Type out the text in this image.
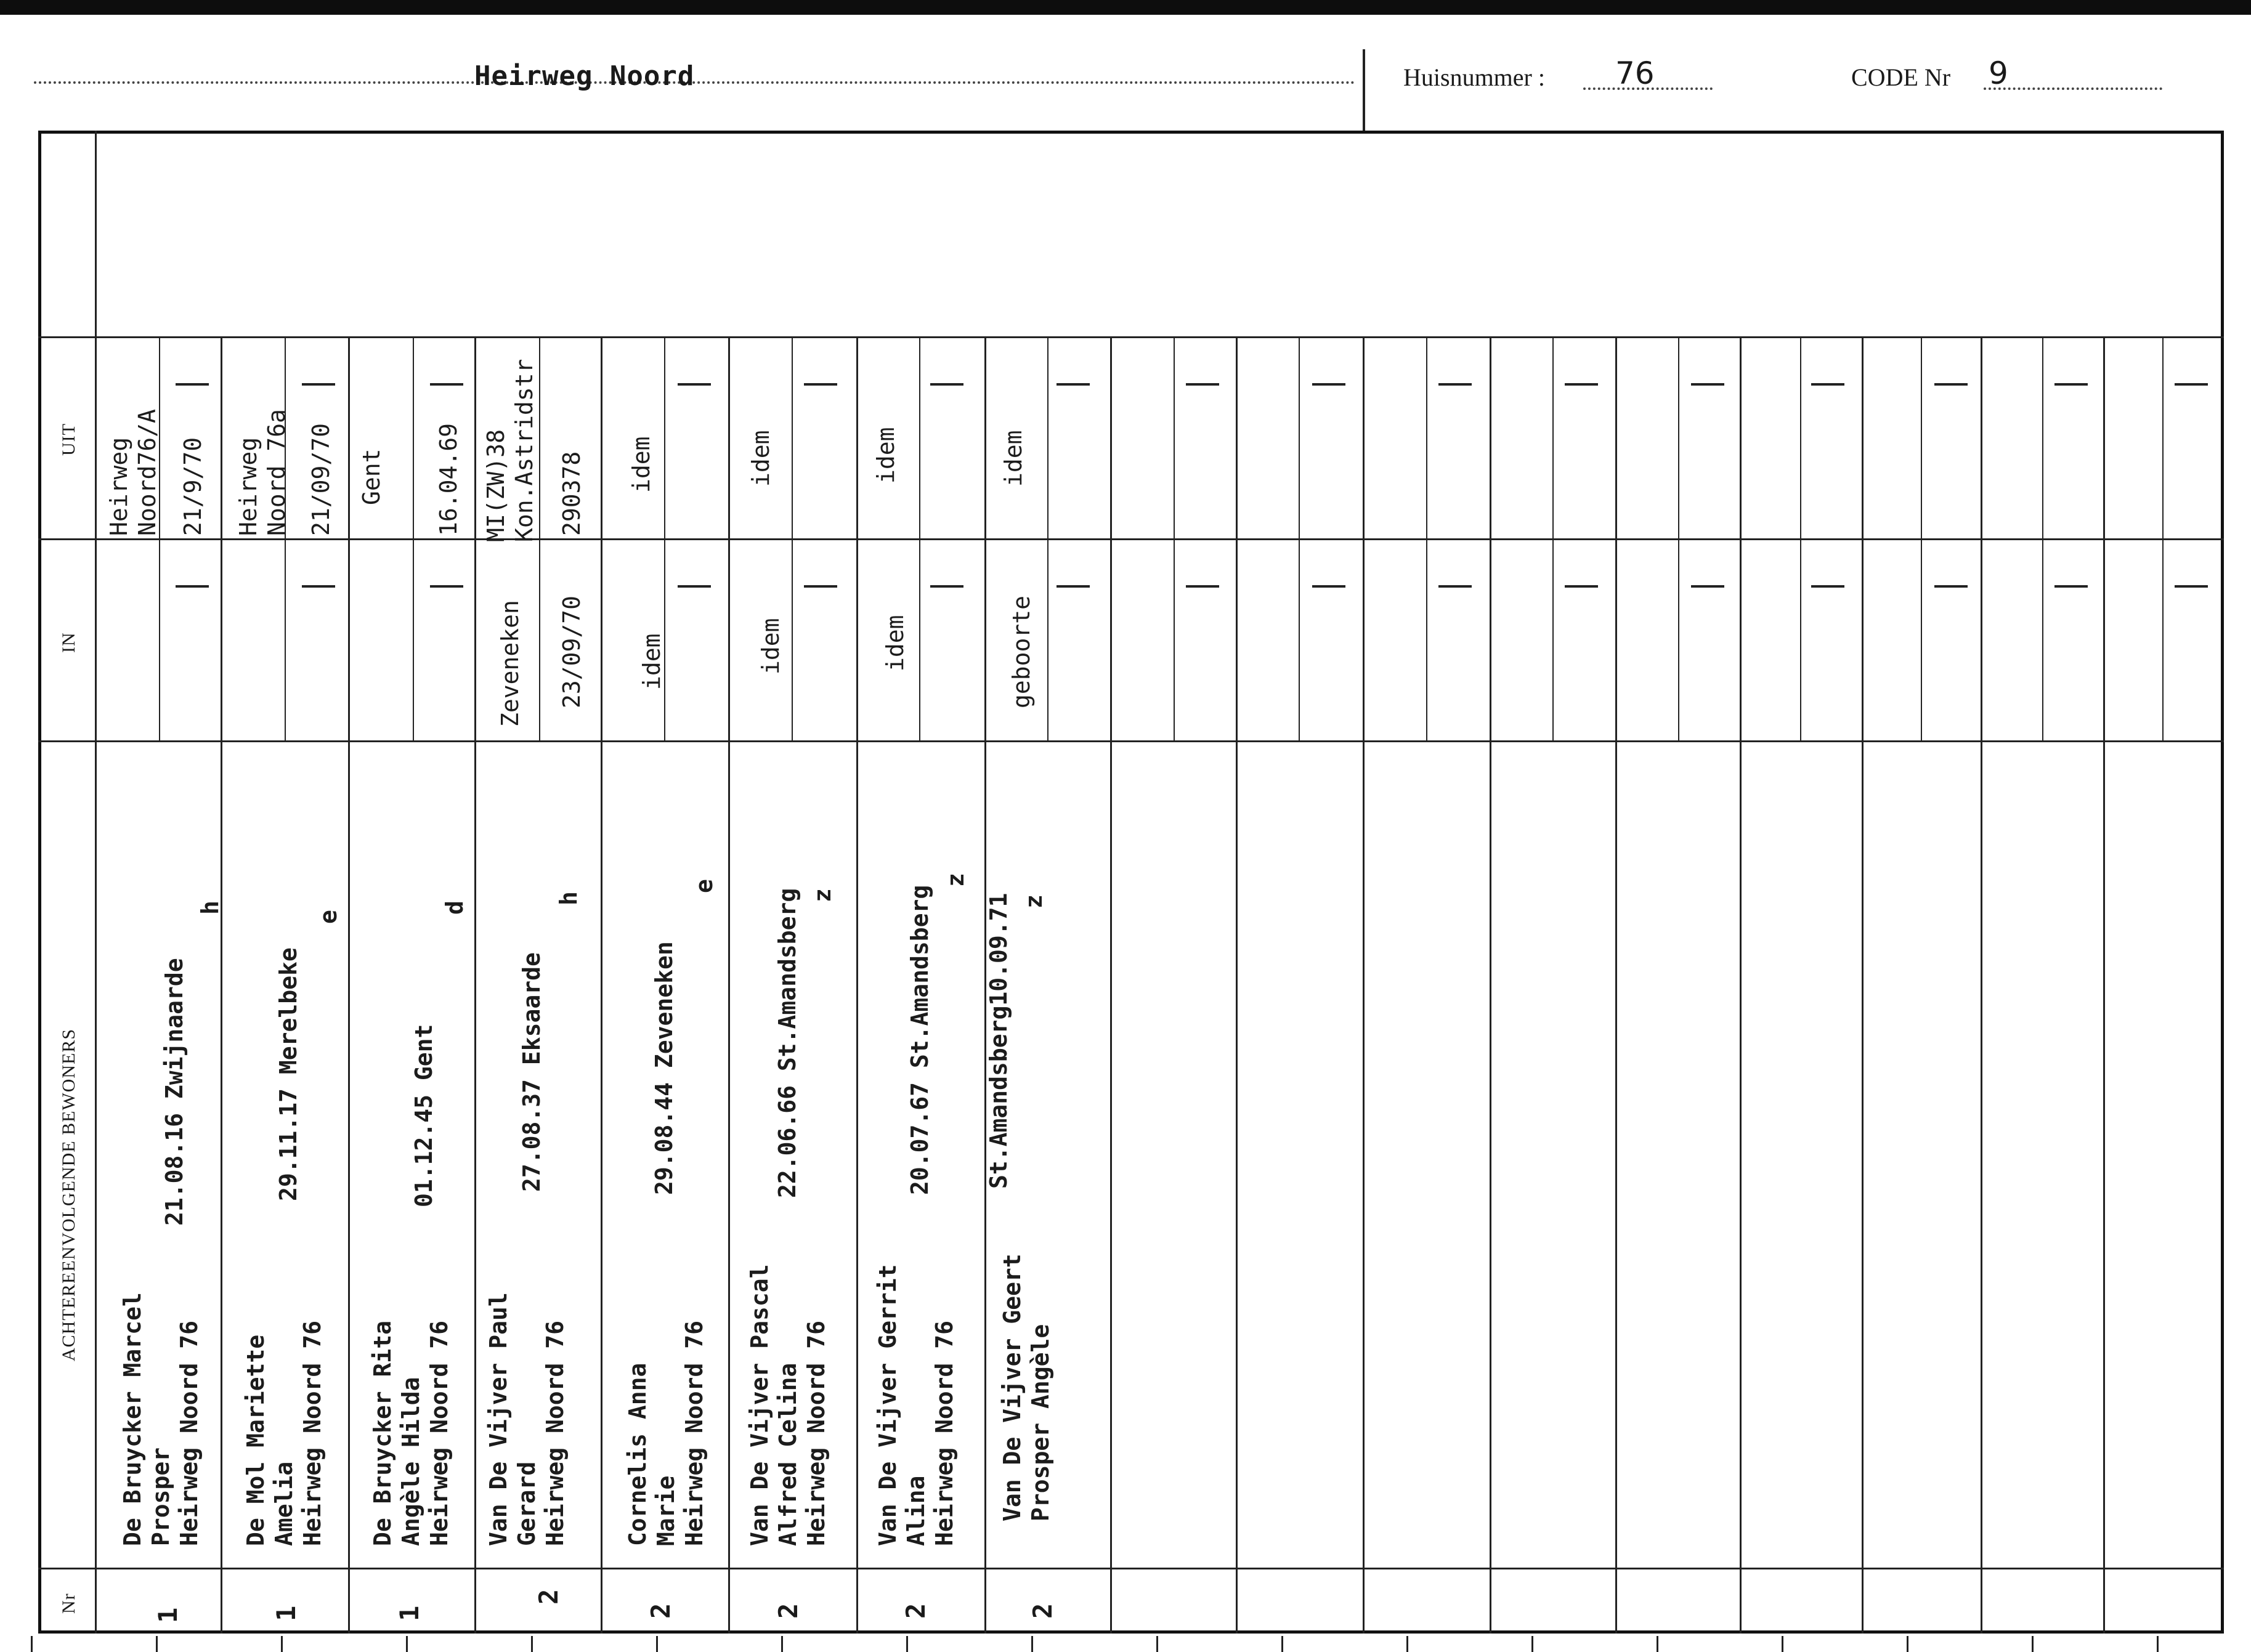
Heirweg Noord	Huisnummer : 76	CODE Nr 9
UIT
IN
ACHTEREENVOLGENDE BEWONERS
Nr
Heirweg
Noord76/A 21/9/70
De Bruycker Marcel
Prosper
Heirweg Noord 76
21.08.16 Zwijnaarde
h
1
Heirweg
Noord 76a 21/09/70
De Mol Mariette
Amelia
Heirweg Noord 76
29.11.17 Merelbeke
e
1
Gent 16.04.69
De Bruycker Rita
Angèle Hilda
Heirweg Noord 76
01.12.45 Gent
d
1
MI(ZW)38
Kon.Astridstr 290378
Zeveneken 23/09/70
Van De Vijver Paul
Gerard
Heirweg Noord 76
27.08.37 Eksaarde
h
2
idem
idem
Cornelis Anna
Marie
Heirweg Noord 76
29.08.44 Zeveneken
e
2
idem
idem
Van De Vijver Pascal
Alfred Celina
Heirweg Noord 76
22.06.66 St.Amandsberg z
2
idem
idem
Van De Vijver Gerrit
Alina
Heirweg Noord 76
20.07.67 St.Amandsberg
z
2
idem
geboorte
Van De Vijver Geert
Prosper Angèle
St.Amandsberg10.09.71 z
2
